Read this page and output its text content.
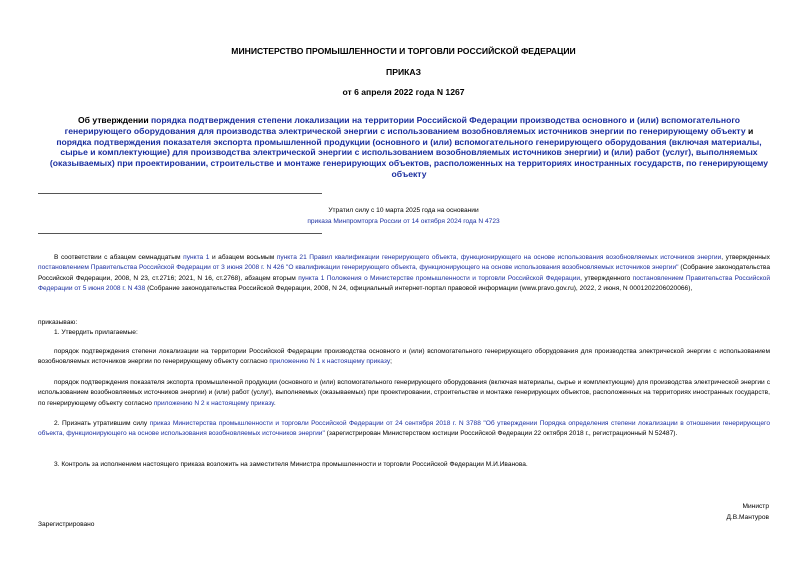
МИНИСТЕРСТВО ПРОМЫШЛЕННОСТИ И ТОРГОВЛИ РОССИЙСКОЙ ФЕДЕРАЦИИ
ПРИКАЗ
от 6 апреля 2022 года N 1267
Об утверждении порядка подтверждения степени локализации на территории Российской Федерации производства основного и (или) вспомогательного генерирующего оборудования для производства электрической энергии с использованием возобновляемых источников энергии по генерирующему объекту и порядка подтверждения показателя экспорта промышленной продукции (основного и (или) вспомогательного генерирующего оборудования (включая материалы, сырье и комплектующие) для производства электрической энергии с использованием возобновляемых источников энергии) и (или) работ (услуг), выполняемых (оказываемых) при проектировании, строительстве и монтаже генерирующих объектов, расположенных на территориях иностранных государств, по генерирующему объекту
Утратил силу с 10 марта 2025 года на основании
приказа Минпромторга России от 14 октября 2024 года N 4723
В соответствии с абзацем семнадцатым пункта 1 и абзацем восьмым пункта 21 Правил квалификации генерирующего объекта, функционирующего на основе использования возобновляемых источников энергии, утвержденных постановлением Правительства Российской Федерации от 3 июня 2008 г. N 426 "О квалификации генерирующего объекта, функционирующего на основе использования возобновляемых источников энергии" (Собрание законодательства Российской Федерации, 2008, N 23, ст.2716; 2021, N 16, ст.2768), абзацем вторым пункта 1 Положения о Министерстве промышленности и торговли Российской Федерации, утвержденного постановлением Правительства Российской Федерации от 5 июня 2008 г. N 438 (Собрание законодательства Российской Федерации, 2008, N 24, официальный интернет-портал правовой информации (www.pravo.gov.ru), 2022, 2 июня, N 0001202206020066),
приказываю:
1. Утвердить прилагаемые:
порядок подтверждения степени локализации на территории Российской Федерации производства основного и (или) вспомогательного генерирующего оборудования для производства электрической энергии с использованием возобновляемых источников энергии по генерирующему объекту согласно приложению N 1 к настоящему приказу;
порядок подтверждения показателя экспорта промышленной продукции (основного и (или) вспомогательного генерирующего оборудования (включая материалы, сырье и комплектующие) для производства электрической энергии с использованием возобновляемых источников энергии) и (или) работ (услуг), выполняемых (оказываемых) при проектировании, строительстве и монтаже генерирующих объектов, расположенных на территориях иностранных государств, по генерирующему объекту согласно приложению N 2 к настоящему приказу.
2. Признать утратившим силу приказ Министерства промышленности и торговли Российской Федерации от 24 сентября 2018 г. N 3788 "Об утверждении Порядка определения степени локализации в отношении генерирующего объекта, функционирующего на основе использования возобновляемых источников энергии" (зарегистрирован Министерством юстиции Российской Федерации 22 октября 2018 г., регистрационный N 52487).
3. Контроль за исполнением настоящего приказа возложить на заместителя Министра промышленности и торговли Российской Федерации М.И.Иванова.
Министр
Д.В.Мантуров
Зарегистрировано
